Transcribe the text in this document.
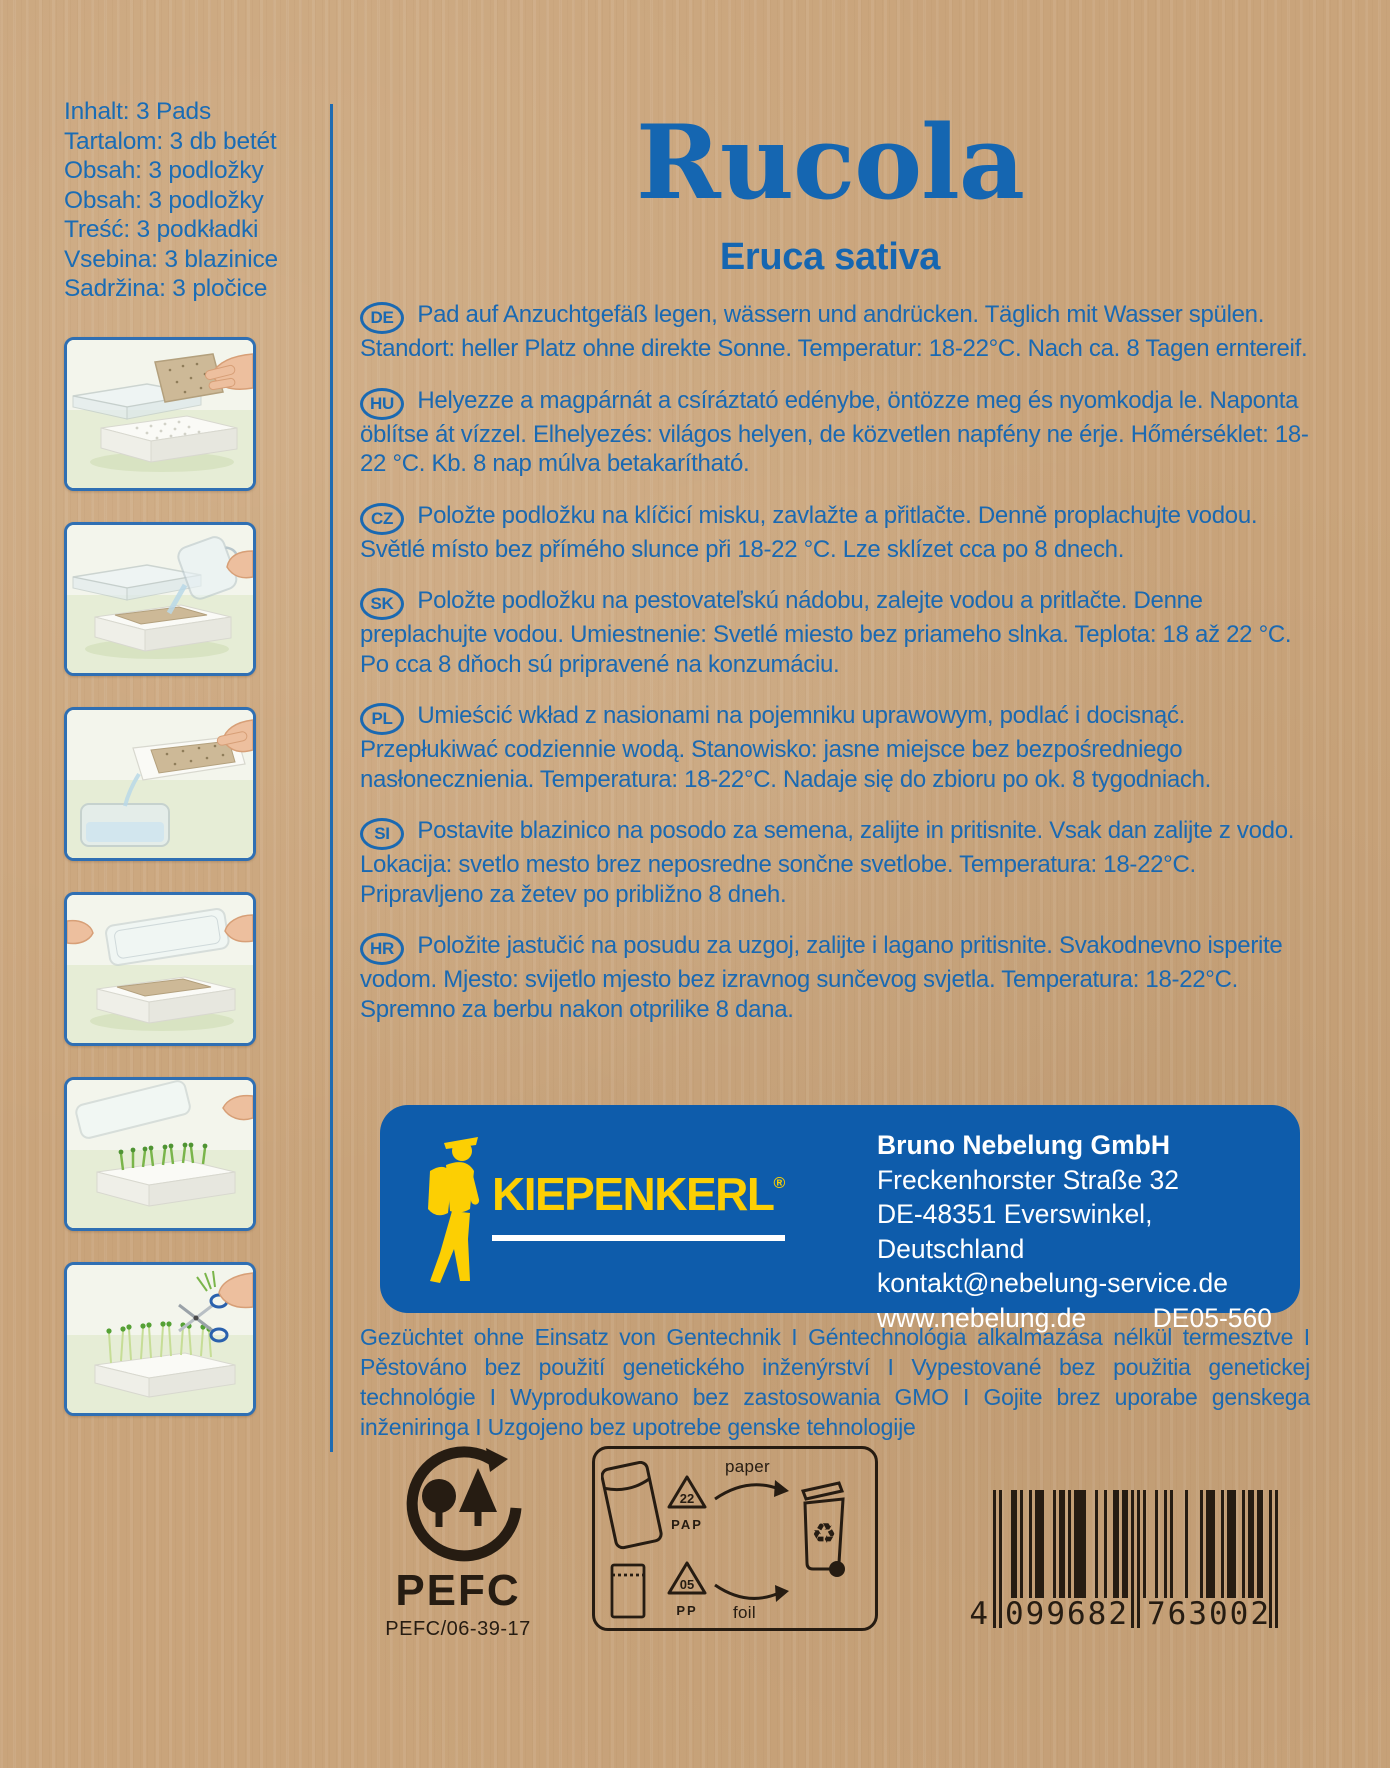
Inhalt: 3 Pads
Tartalom: 3 db betét
Obsah: 3 podložky
Obsah: 3 podložky
Treść: 3 podkładki
Vsebina: 3 blazinice
Sadržina: 3 pločice
Rucola
Eruca sativa

DE Pad auf Anzuchtgefäß legen, wässern und andrücken. Täglich mit Wasser spülen. Standort: heller Platz ohne direkte Sonne. Temperatur: 18-22°C. Nach ca. 8 Tagen erntereif.

HU Helyezze a magpárnát a csíráztató edénybe, öntözze meg és nyomkodja le. Naponta öblítse át vízzel. Elhelyezés: világos helyen, de közvetlen napfény ne érje. Hőmérséklet: 18-22 °C. Kb. 8 nap múlva betakarítható.

CZ Položte podložku na klíčicí misku, zavlažte a přitlačte. Denně proplachujte vodou. Světlé místo bez přímého slunce při 18-22 °C. Lze sklízet cca po 8 dnech.

SK Položte podložku na pestovateľskú nádobu, zalejte vodou a pritlačte. Denne preplachujte vodou. Umiestnenie: Svetlé miesto bez priameho slnka. Teplota: 18 až 22 °C. Po cca 8 dňoch sú pripravené na konzumáciu.

PL Umieścić wkład z nasionami na pojemniku uprawowym, podlać i docisnąć. Przepłukiwać codziennie wodą. Stanowisko: jasne miejsce bez bezpośredniego nasłonecznienia. Temperatura: 18-22°C. Nadaje się do zbioru po ok. 8 tygodniach.

SI Postavite blazinico na posodo za semena, zalijte in pritisnite. Vsak dan zalijte z vodo. Lokacija: svetlo mesto brez neposredne sončne svetlobe. Temperatura: 18-22°C. Pripravljeno za žetev po približno 8 dneh.

HR Položite jastučić na posudu za uzgoj, zalijte i lagano pritisnite. Svakodnevno isperite vodom. Mjesto: svijetlo mjesto bez izravnog sunčevog svjetla. Temperatura: 18-22°C. Spremno za berbu nakon otprilike 8 dana.

KIEPENKERL®
Bruno Nebelung GmbH
Freckenhorster Straße 32
DE-48351 Everswinkel, Deutschland
kontakt@nebelung-service.de
www.nebelung.de	DE05-560

Gezüchtet ohne Einsatz von Gentechnik I Géntechnológia alkalmazása nélkül termesztve I Pěstováno bez použití genetického inženýrství I Vypestované bez použitia genetickej technológie I Wyprodukowano bez zastosowania GMO I Gojite brez uporabe genskega inženiringa I Uzgojeno bez upotrebe genske tehnologije

PEFC
PEFC/06-39-17
22
PAP
paper
♻
05
PP	foil	4 099682 763002
